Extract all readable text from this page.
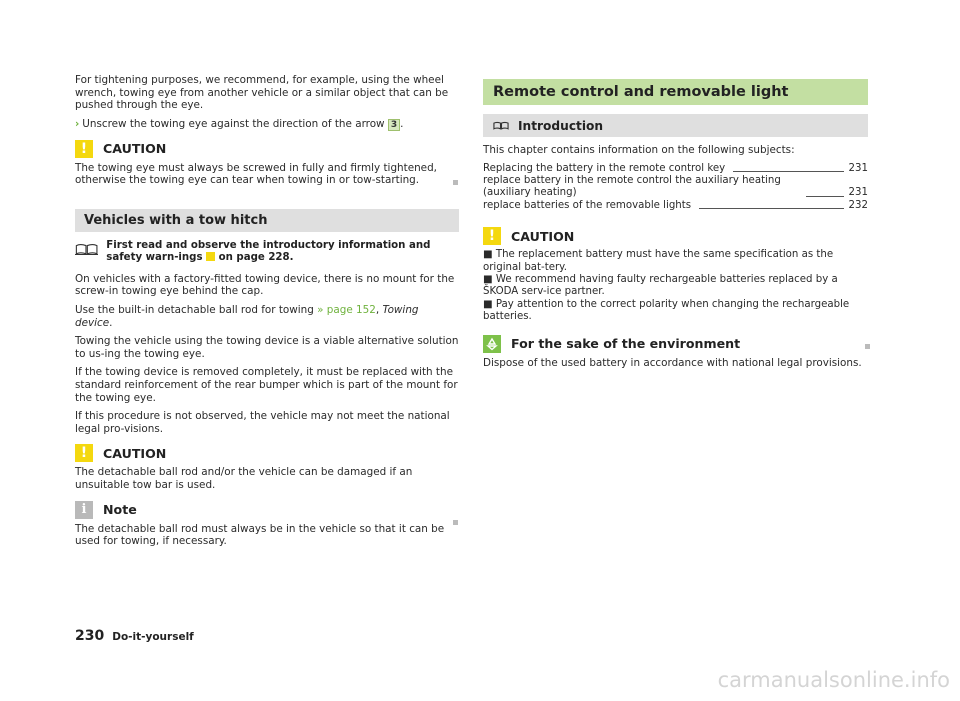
For tightening purposes, we recommend, for example, using the wheel wrench, towing eye from another vehicle or a similar object that can be pushed through the eye.

› Unscrew the towing eye against the direction of the arrow 3 .

!	CAUTION

The towing eye must always be screwed in fully and firmly tightened, otherwise the towing eye can tear when towing in or tow-starting.

Vehicles with a tow hitch
First read and observe the introductory information and safety warn-ings on page 228.

On vehicles with a factory-fitted towing device, there is no mount for the screw-in towing eye behind the cap.

Use the built-in detachable ball rod for towing » page 152, Towing device.

Towing the vehicle using the towing device is a viable alternative solution to us-ing the towing eye.

If the towing device is removed completely, it must be replaced with the standard reinforcement of the rear bumper which is part of the mount for the towing eye.

If this procedure is not observed, the vehicle may not meet the national legal pro-visions.

!	CAUTION

The detachable ball rod and/or the vehicle can be damaged if an unsuitable tow bar is used.

i	Note

The detachable ball rod must always be in the vehicle so that it can be used for towing, if necessary.

Remote control and removable light
Introduction

This chapter contains information on the following subjects:

Replacing the battery in the remote control key	231
replace battery in the remote control the auxiliary heating (auxiliary heating)	231
replace batteries of the removable lights	232
!	CAUTION

■ The replacement battery must have the same specification as the original bat-tery.

■ We recommend having faulty rechargeable batteries replaced by a ŠKODA serv-ice partner.

■ Pay attention to the correct polarity when changing the rechargeable batteries.

For the sake of the environment

Dispose of the used battery in accordance with national legal provisions.

230 Do-it-yourself
carmanualsonline.info
